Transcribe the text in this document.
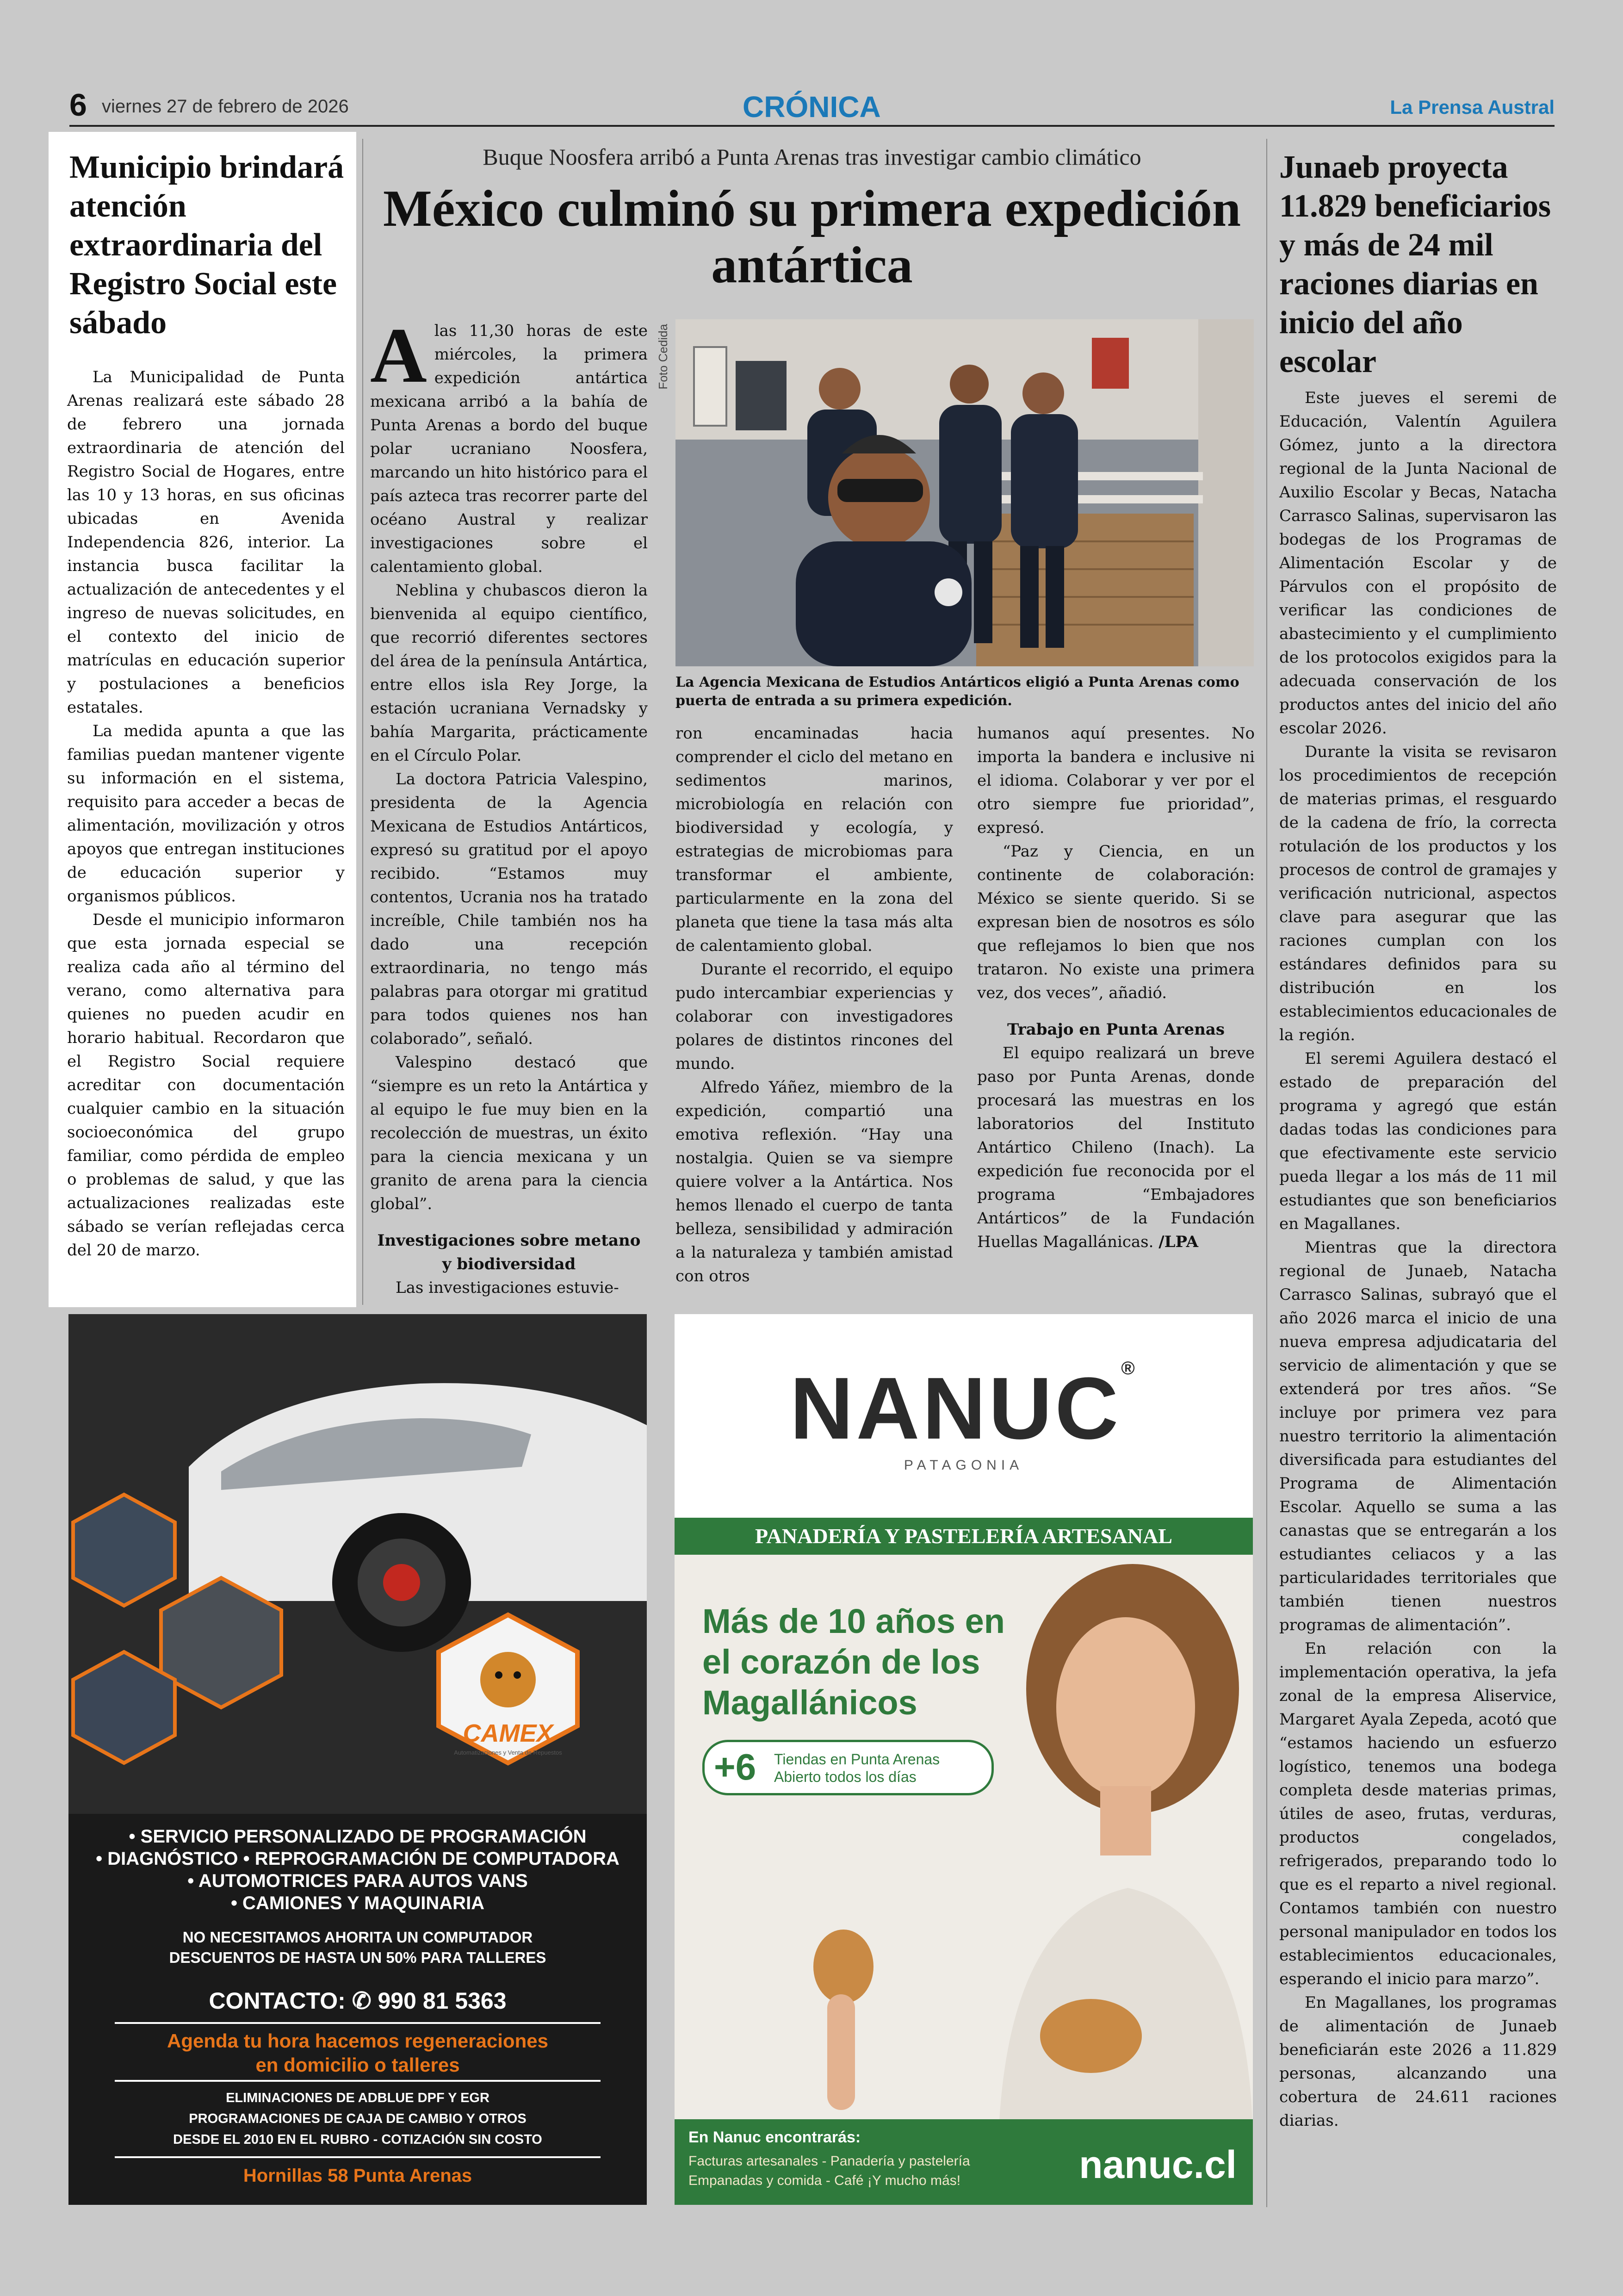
6 viernes 27 de febrero de 2026	CRÓNICA	La Prensa Austral
Municipio brindará atención extraordinaria del Registro Social este sábado

La Municipalidad de Punta Arenas realizará este sábado 28 de febrero una jornada extraordinaria de atención del Registro Social de Hogares, entre las 10 y 13 horas, en sus oficinas ubicadas en Avenida Independencia 826, interior. La instancia busca facilitar la actualización de antecedentes y el ingreso de nuevas solicitudes, en el contexto del inicio de matrículas en educación superior y postulaciones a beneficios estatales.

La medida apunta a que las familias puedan mantener vigente su información en el sistema, requisito para acceder a becas de alimentación, movilización y otros apoyos que entregan instituciones de educación superior y organismos públicos.

Desde el municipio informaron que esta jornada especial se realiza cada año al término del verano, como alternativa para quienes no pueden acudir en horario habitual. Recordaron que el Registro Social requiere acreditar con documentación cualquier cambio en la situación socioeconómica del grupo familiar, como pérdida de empleo o problemas de salud, y que las actualizaciones realizadas este sábado se verían reflejadas cerca del 20 de marzo.

Buque Noosfera arribó a Punta Arenas tras investigar cambio climático
México culminó su primera expedición antártica

Alas 11,30 horas de este miércoles, la primera expedición antártica mexicana arribó a la bahía de Punta Arenas a bordo del buque polar ucraniano Noosfera, marcando un hito histórico para el país azteca tras recorrer parte del océano Austral y realizar investigaciones sobre el calentamiento global.

Neblina y chubascos dieron la bienvenida al equipo científico, que recorrió diferentes sectores del área de la península Antártica, entre ellos isla Rey Jorge, la estación ucraniana Vernadsky y bahía Margarita, prácticamente en el Círculo Polar.

La doctora Patricia Valespino, presidenta de la Agencia Mexicana de Estudios Antárticos, expresó su gratitud por el apoyo recibido. “Estamos muy contentos, Ucrania nos ha tratado increíble, Chile también nos ha dado una recepción extraordinaria, no tengo más palabras para otorgar mi gratitud para todos quienes nos han colaborado”, señaló.

Valespino destacó que “siempre es un reto la Antártica y al equipo le fue muy bien en la recolección de muestras, un éxito para la ciencia mexicana y un granito de arena para la ciencia global”.

Investigaciones sobre metano y biodiversidad

Las investigaciones estuvie-

Foto Cedida
La Agencia Mexicana de Estudios Antárticos eligió a Punta Arenas como puerta de entrada a su primera expedición.

ron encaminadas hacia comprender el ciclo del metano en sedimentos marinos, microbiología en relación con biodiversidad y ecología, y estrategias de microbiomas para transformar el ambiente, particularmente en la zona del planeta que tiene la tasa más alta de calentamiento global.

Durante el recorrido, el equipo pudo intercambiar experiencias y colaborar con investigadores polares de distintos rincones del mundo.

Alfredo Yáñez, miembro de la expedición, compartió una emotiva reflexión. “Hay una nostalgia. Quien se va siempre quiere volver a la Antártica. Nos hemos llenado el cuerpo de tanta belleza, sensibilidad y admiración a la naturaleza y también amistad con otros

humanos aquí presentes. No importa la bandera e inclusive ni el idioma. Colaborar y ver por el otro siempre fue prioridad”, expresó.

“Paz y Ciencia, en un continente de colaboración: México se siente querido. Si se expresan bien de nosotros es sólo que reflejamos lo bien que nos trataron. No existe una primera vez, dos veces”, añadió.

Trabajo en Punta Arenas

El equipo realizará un breve paso por Punta Arenas, donde procesará las muestras en los laboratorios del Instituto Antártico Chileno (Inach). La expedición fue reconocida por el programa “Embajadores Antárticos” de la Fundación Huellas Magallánicas. /LPA

Junaeb proyecta 11.829 beneficiarios y más de 24 mil raciones diarias en inicio del año escolar

Este jueves el seremi de Educación, Valentín Aguilera Gómez, junto a la directora regional de la Junta Nacional de Auxilio Escolar y Becas, Natacha Carrasco Salinas, supervisaron las bodegas de los Programas de Alimentación Escolar y de Párvulos con el propósito de verificar las condiciones de abastecimiento y el cumplimiento de los protocolos exigidos para la adecuada conservación de los productos antes del inicio del año escolar 2026.

Durante la visita se revisaron los procedimientos de recepción de materias primas, el resguardo de la cadena de frío, la correcta rotulación de los productos y los procesos de control de gramajes y verificación nutricional, aspectos clave para asegurar que las raciones cumplan con los estándares definidos para su distribución en los establecimientos educacionales de la región.

El seremi Aguilera destacó el estado de preparación del programa y agregó que están dadas todas las condiciones para que efectivamente este servicio pueda llegar a los más de 11 mil estudiantes que son beneficiarios en Magallanes.

Mientras que la directora regional de Junaeb, Natacha Carrasco Salinas, subrayó que el año 2026 marca el inicio de una nueva empresa adjudicataria del servicio de alimentación y que se extenderá por tres años. “Se incluye por primera vez para nuestro territorio la alimentación diversificada para estudiantes del Programa de Alimentación Escolar. Aquello se suma a las canastas que se entregarán a los estudiantes celiacos y a las particularidades territoriales que también tienen nuestros programas de alimentación”.

En relación con la implementación operativa, la jefa zonal de la empresa Aliservice, Margaret Ayala Zepeda, acotó que “estamos haciendo un esfuerzo logístico, tenemos una bodega completa desde materias primas, útiles de aseo, frutas, verduras, productos congelados, refrigerados, preparando todo lo que es el reparto a nivel regional. Contamos también con nuestro personal manipulador en todos los establecimientos educacionales, esperando el inicio para marzo”.

En Magallanes, los programas de alimentación de Junaeb beneficiarán este 2026 a 11.829 personas, alcanzando una cobertura de 24.611 raciones diarias.

CAMEX
Automatizaciones y Venta de Repuestos
• SERVICIO PERSONALIZADO DE PROGRAMACIÓN
• DIAGNÓSTICO • REPROGRAMACIÓN DE COMPUTADORA
• AUTOMOTRICES PARA AUTOS VANS
• CAMIONES Y MAQUINARIA
NO NECESITAMOS AHORITA UN COMPUTADOR
DESCUENTOS DE HASTA UN 50% PARA TALLERES
CONTACTO: ✆ 990 81 5363
Agenda tu hora hacemos regeneraciones
en domicilio o talleres
ELIMINACIONES DE ADBLUE DPF Y EGR
PROGRAMACIONES DE CAJA DE CAMBIO Y OTROS
DESDE EL 2010 EN EL RUBRO - COTIZACIÓN SIN COSTO
Hornillas 58 Punta Arenas
NANUC®
PATAGONIA
PANADERÍA Y PASTELERÍA ARTESANAL
Más de 10 años en el corazón de los Magallánicos
+6 Tiendas en Punta Arenas
Abierto todos los días
En Nanuc encontrarás:
Facturas artesanales - Panadería y pastelería
Empanadas y comida - Café ¡Y mucho más!	nanuc.cl
